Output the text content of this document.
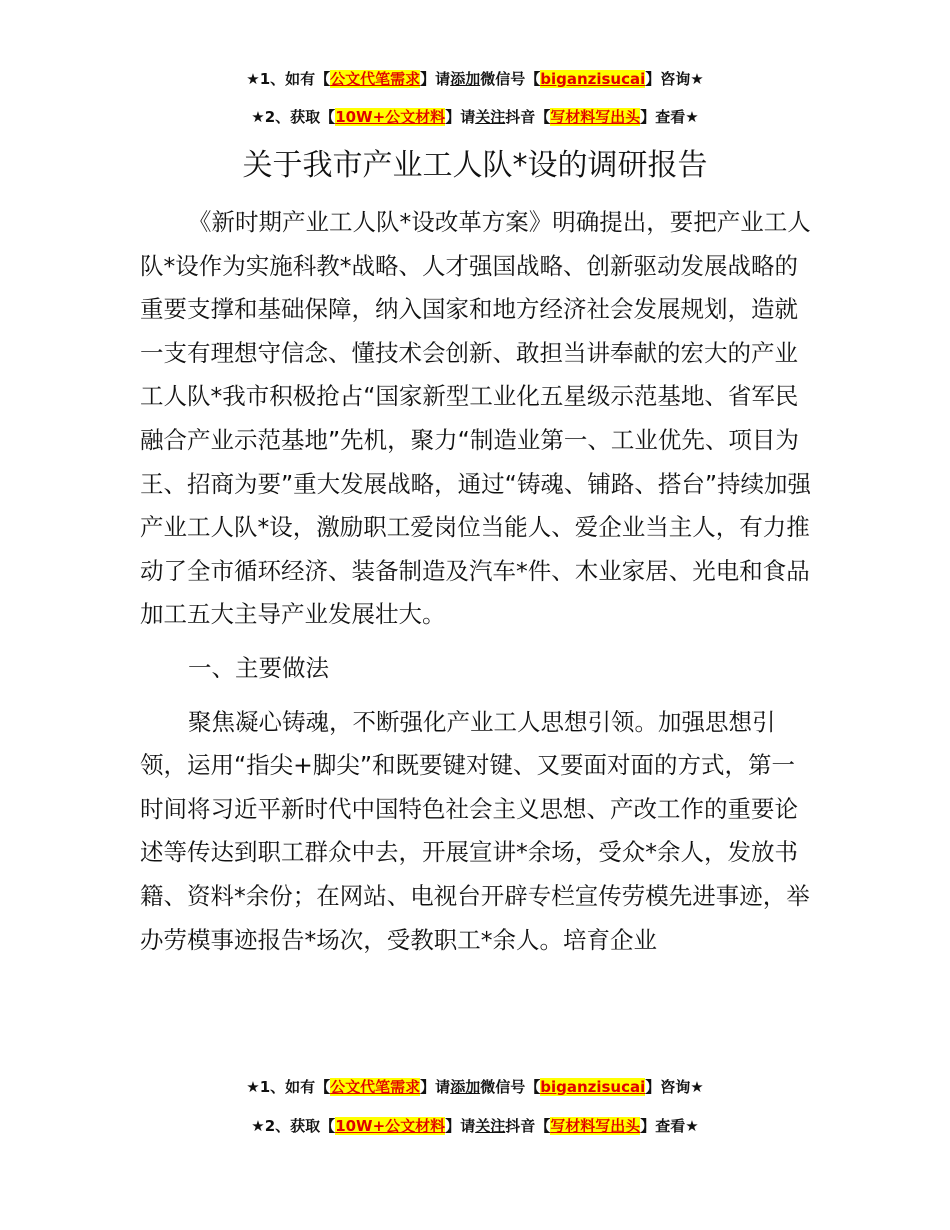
★1、如有【公文代笔需求】请添加微信号【biganzisucai】咨询★
★2、获取【10W+公文材料】请关注抖音【写材料写出头】查看★
关于我市产业工人队*设的调研报告

《新时期产业工人队*设改革方案》明确提出，要把产业工人队*设作为实施科教*战略、人才强国战略、创新驱动发展战略的重要支撑和基础保障，纳入国家和地方经济社会发展规划，造就一支有理想守信念、懂技术会创新、敢担当讲奉献的宏大的产业工人队*我市积极抢占“国家新型工业化五星级示范基地、省军民融合产业示范基地”先机，聚力“制造业第一、工业优先、项目为王、招商为要”重大发展战略，通过“铸魂、铺路、搭台”持续加强产业工人队*设，激励职工爱岗位当能人、爱企业当主人，有力推动了全市循环经济、装备制造及汽车*件、木业家居、光电和食品加工五大主导产业发展壮大。

一、主要做法

聚焦凝心铸魂，不断强化产业工人思想引领。加强思想引领，运用“指尖+脚尖”和既要键对键、又要面对面的方式，第一时间将习近平新时代中国特色社会主义思想、产改工作的重要论述等传达到职工群众中去，开展宣讲*余场，受众*余人，发放书籍、资料*余份；在网站、电视台开辟专栏宣传劳模先进事迹，举办劳模事迹报告*场次，受教职工*余人。培育企业

★1、如有【公文代笔需求】请添加微信号【biganzisucai】咨询★
★2、获取【10W+公文材料】请关注抖音【写材料写出头】查看★
